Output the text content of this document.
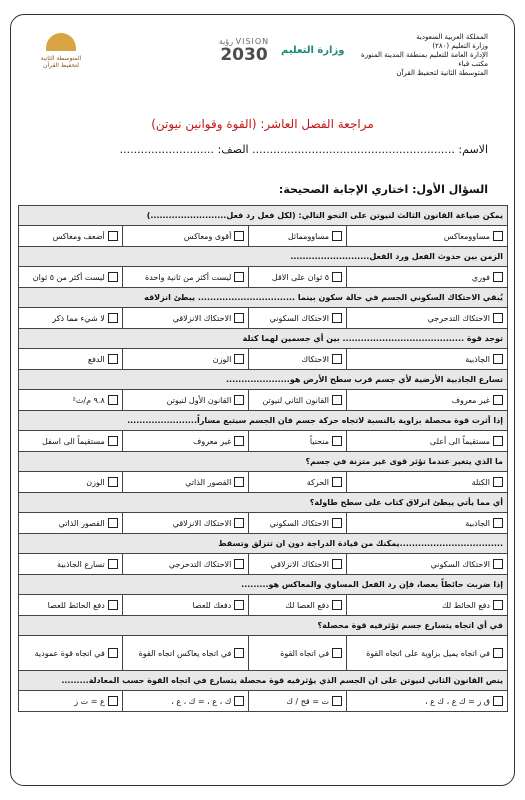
المملكة العربية السعودية
وزارة التعليم (٢٨٠)
الإدارة العامة للتعليم بمنطقة المدينة المنورة
مكتب قباء
المتوسطة الثانية لتحفيظ القرآن
وزارة التعليم
رؤية VISION
2030
المتوسطة الثانية لتحفيظ القرآن
مراجعة الفصل العاشر: (القوة وقوانين نيوتن)
الاسم: .......................................................... الصف: ...........................
السؤال الأول: اختاري الإجابة الصحيحة:
يمكن صياغة القانون الثالث لنيوتن على النحو التالي: (لكل فعل رد فعل.........................)			

مساوومعاكس	مساوومماثل	أقوى ومعاكس	أضعف ومعاكس

الزمن بين حدوث الفعل ورد الفعل..........................			

فوري	٥ ثوان على الاقل	ليست أكثر من ثانية واحدة	ليست أكثر من ٥ ثوان

يُبقي الاحتكاك السكوني الجسم في حالة سكون بينما ................................ يبطئ انزلاقه			

الاحتكاك التدحرجي	الاحتكاك السكوني	الاحتكاك الانزلاقي	لا شيء مما ذكر

توجد قوة ........................................ بين أي جسمين لهما كتلة			

الجاذبية	الاحتكاك	الوزن	الدفع

تسارع الجاذبية الأرضية لأي جسم قرب سطح الأرض هو.....................			

غير معروف	القانون الثاني لنيوتن	القانون الأول لنيوتن	٩.٨ م/ث²

إذا أثرت قوة محصلة بزاوية بالنسبة لاتجاه حركة جسم فان الجسم سيتبع مساراً.......................			

مستقيماً الى أعلى	منحنياً	غير معروف	مستقيماً الى اسفل

ما الذي يتغير عندما تؤثر قوى غير متزنة في جسم؟			

الكتلة	الحركة	القصور الذاتي	الوزن

أي مما يأتي يبطئ انزلاق كتاب على سطح طاولة؟			

الجاذبية	الاحتكاك السكوني	الاحتكاك الانزلاقي	القصور الذاتي

..................................يمكنك من قيادة الدراجة دون ان تنزلق وتسقط			

الاحتكاك السكوني	الاحتكاك الانزلاقي	الاحتكاك التدحرجي	تسارع الجاذبية

إذا ضربت حائطاً بعصا، فإن رد الفعل المساوي والمعاكس هو.........			

دفع الحائط لك	دفع العصا لك	دفعك للعصا	دفع الحائط للعصا

في أي اتجاه يتسارع جسم تؤثرفيه قوة محصلة؟			

في اتجاه يميل بزاوية على اتجاه القوة	في اتجاه القوة	في اتجاه يعاكس اتجاه القوة	في اتجاه قوة عمودية

ينص القانون الثاني لنيوتن على ان الجسم الذي يؤثرفيه قوة محصلة يتسارع في اتجاه القوة حسب المعادلة.........			

ق ز = ك ع ، ك ع ،	ت = قح / ك	ك ، ع ، = ك ، ع ،	ع = ت ز
